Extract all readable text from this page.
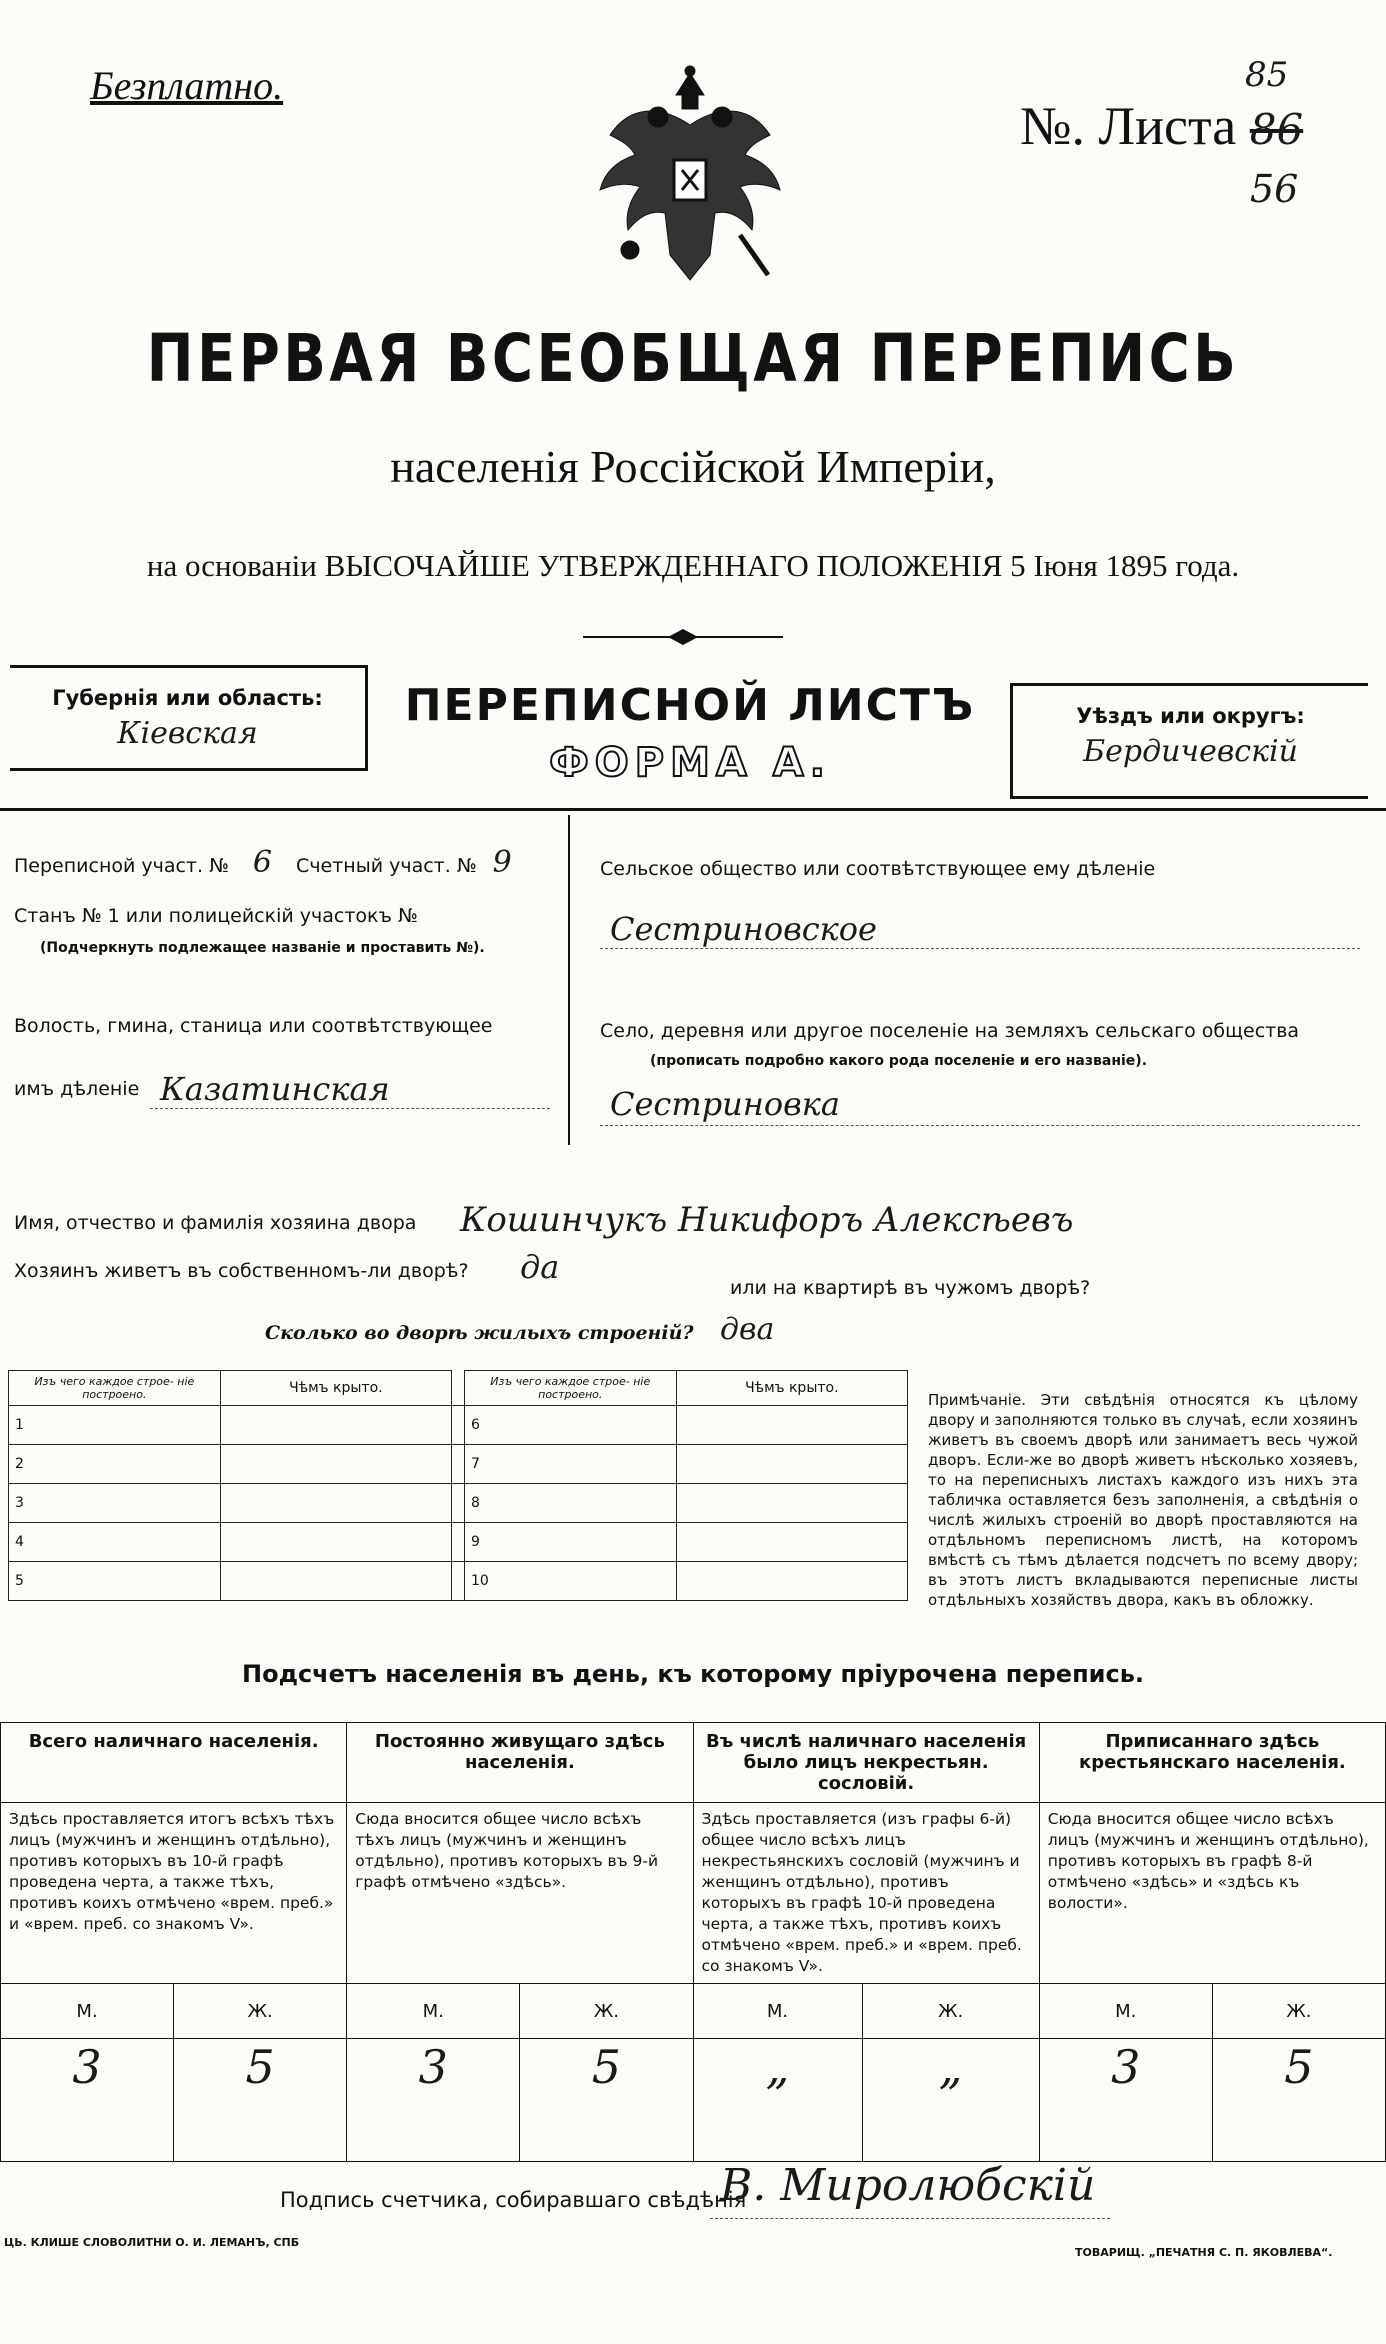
Безплатно.
№. Листа 86
85
56
ПЕРВАЯ ВСЕОБЩАЯ ПЕРЕПИСЬ
населенія Россійской Имперіи,
на основаніи ВЫСОЧАЙШЕ УТВЕРЖДЕННАГО ПОЛОЖЕНІЯ 5 Іюня 1895 года.
Губернія или область:
Кіевская
ПЕРЕПИСНОЙ ЛИСТЪ
ФОРМА А.
Уѣздъ или округъ:
Бердичевскій
Переписной участ. № 6 Счетный участ. № 9
Станъ № 1 или полицейскій участокъ №
(Подчеркнуть подлежащее названіе и проставить №).
Волость, гмина, станица или соотвѣтствующее
имъ дѣленіе Казатинская
Сельское общество или соотвѣтствующее ему дѣленіе
Сестриновское
Село, деревня или другое поселеніе на земляхъ сельскаго общества
(прописать подробно какого рода поселеніе и его названіе).
Сестриновка
Имя, отчество и фамилія хозяина двора Кошинчукъ Никифоръ Алексѣевъ
Хозяинъ живетъ въ собственномъ-ли дворѣ? да
или на квартирѣ въ чужомъ дворѣ?
Сколько во дворѣ жилыхъ строеній? два
Изъ чего каждое строе- ніе построено.	Чѣмъ крыто.		Изъ чего каждое строе- ніе построено.	Чѣмъ крыто.
1			6	
2			7	
3			8	
4			9	
5			10	
Примѣчаніе. Эти свѣдѣнія относятся къ цѣлому двору и заполняются только въ случаѣ, если хозяинъ живетъ въ своемъ дворѣ или занимаетъ весь чужой дворъ. Если-же во дворѣ живетъ нѣсколько хозяевъ, то на переписныхъ листахъ каждого изъ нихъ эта табличка оставляется безъ заполненія, а свѣдѣнія о числѣ жилыхъ строеній во дворѣ проставляются на отдѣльномъ переписномъ листѣ, на которомъ вмѣстѣ съ тѣмъ дѣлается подсчетъ по всему двору; въ этотъ листъ вкладываются переписные листы отдѣльныхъ хозяйствъ двора, какъ въ обложку.
Подсчетъ населенія въ день, къ которому пріурочена перепись.
Всего наличнаго населенія.		Постоянно живущаго здѣсь населенія.		Въ числѣ наличнаго населенія было лицъ некрестьян. сословій.		Приписаннаго здѣсь крестьянскаго населенія.	
Здѣсь проставляется итогъ всѣхъ тѣхъ лицъ (мужчинъ и женщинъ отдѣльно), противъ которыхъ въ 10-й графѣ проведена черта, а также тѣхъ, противъ коихъ отмѣчено «врем. преб.» и «врем. преб. со знакомъ V».		Сюда вносится общее число всѣхъ тѣхъ лицъ (мужчинъ и женщинъ отдѣльно), противъ которыхъ въ 9-й графѣ отмѣчено «здѣсь».		Здѣсь проставляется (изъ графы 6-й) общее число всѣхъ лицъ некрестьянскихъ сословій (мужчинъ и женщинъ отдѣльно), противъ которыхъ въ графѣ 10-й проведена черта, а также тѣхъ, противъ коихъ отмѣчено «врем. преб.» и «врем. преб. со знакомъ V».		Сюда вносится общее число всѣхъ лицъ (мужчинъ и женщинъ отдѣльно), противъ которыхъ въ графѣ 8-й отмѣчено «здѣсь» и «здѣсь къ волости».	
М.	Ж.	М.	Ж.	М.	Ж.	М.	Ж.
3	5	3	5	„	„	3	5
Подпись счетчика, собиравшаго свѣдѣнія
В. Миролюбскій
ЦЬ. КЛИШЕ СЛОВОЛИТНИ О. И. ЛЕМАНЪ, СПБ
ТОВАРИЩ. „ПЕЧАТНЯ С. П. ЯКОВЛЕВА“.
